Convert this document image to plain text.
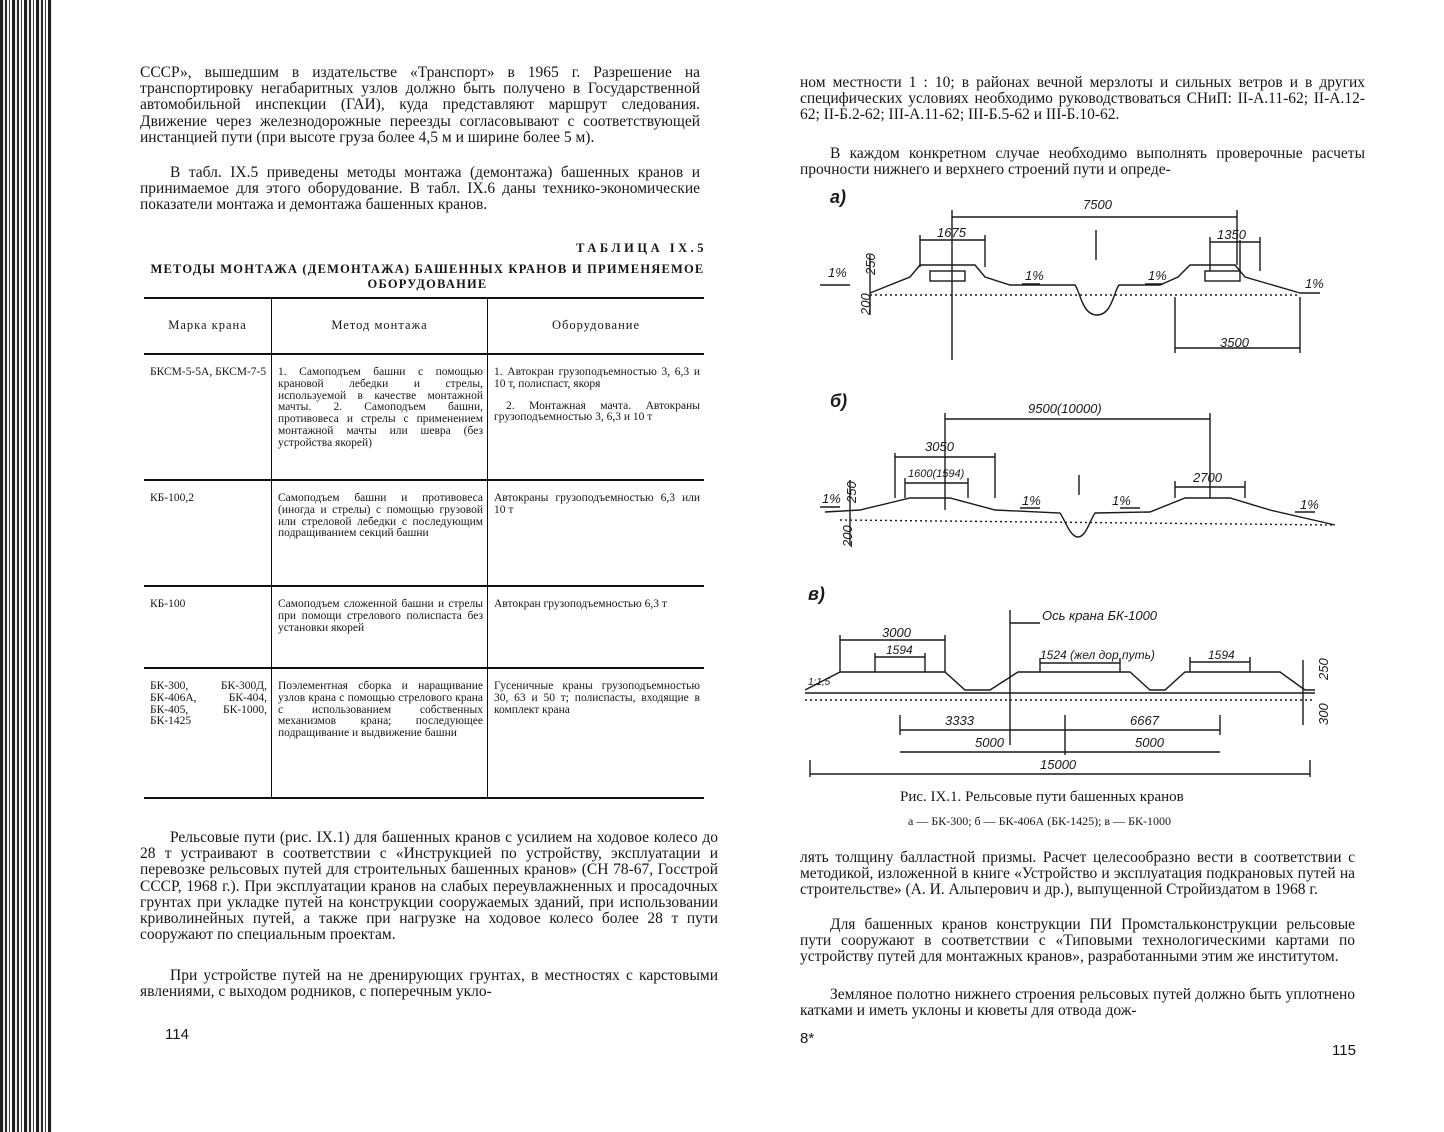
СССР», вышедшим в издательстве «Транспорт» в 1965 г. Разрешение на транспортировку негабаритных узлов должно быть получено в Государственной автомобильной инспекции (ГАИ), куда представляют маршрут следования. Движение через железнодорожные переезды согласовывают с соответствующей инстанцией пути (при высоте груза более 4,5 м и ширине более 5 м).

В табл. IX.5 приведены методы монтажа (демонтажа) башенных кранов и принимаемое для этого оборудование. В табл. IX.6 даны технико-экономические показатели монтажа и демонтажа башенных кранов.

ТАБЛИЦА IX.5
МЕТОДЫ МОНТАЖА (ДЕМОНТАЖА) БАШЕННЫХ КРАНОВ И ПРИМЕНЯЕМОЕ ОБОРУДОВАНИЕ
Марка крана	Метод монтажа	Оборудование
БКСМ-5-5А, БКСМ-7-5	1. Самоподъем башни с помощью крановой лебедки и стрелы, используемой в качестве монтажной мачты. 2. Самоподъем башни, противовеса и стрелы с применением монтажной мачты или шевра (без устройства якорей)	1. Автокран грузоподъемностью 3, 6,3 и 10 т, полиспаст, якоря
2. Монтажная мачта. Автокраны грузоподъемностью 3, 6,3 и 10 т

КБ-100,2	Самоподъем башни и противовеса (иногда и стрелы) с помощью грузовой или стреловой лебедки с последующим подращиванием секций башни	Автокраны грузоподъемностью 6,3 или 10 т
КБ-100	Самоподъем сложенной башни и стрелы при помощи стрелового полиспаста без установки якорей	Автокран грузоподъемностью 6,3 т
БК-300, БК-300Д, БК-406А, БК-404, БК-405, БК-1000, БК-1425	Поэлементная сборка и наращивание узлов крана с помощью стрелового крана с использованием собственных механизмов крана; последующее подращивание и выдвижение башни	Гусеничные краны грузоподъемностью 30, 63 и 50 т; полиспасты, входящие в комплект крана

Рельсовые пути (рис. IX.1) для башенных кранов с усилием на ходовое колесо до 28 т устраивают в соответствии с «Инструкцией по устройству, эксплуатации и перевозке рельсовых путей для строительных башенных кранов» (СН 78-67, Госстрой СССР, 1968 г.). При эксплуатации кранов на слабых переувлажненных и просадочных грунтах при укладке путей на конструкции сооружаемых зданий, при использовании криволинейных путей, а также при нагрузке на ходовое колесо более 28 т пути сооружают по специальным проектам.

При устройстве путей на не дренирующих грунтах, в местностях с карстовыми явлениями, с выходом родников, с поперечным укло-

114

ном местности 1 : 10; в районах вечной мерзлоты и сильных ветров и в других специфических условиях необходимо руководствоваться СНиП: II-А.11-62; II-А.12-62; II-Б.2-62; III-А.11-62; III-Б.5-62 и III-Б.10-62.

В каждом конкретном случае необходимо выполнять проверочные расчеты прочности нижнего и верхнего строений пути и опреде-

лять толщину балластной призмы. Расчет целесообразно вести в соответствии с методикой, изложенной в книге «Устройство и эксплуатация подкрановых путей на строительстве» (А. И. Альперович и др.), выпущенной Стройиздатом в 1968 г.

Для башенных кранов конструкции ПИ Промстальконструкции рельсовые пути сооружают в соответствии с «Типовыми технологическими картами по устройству путей для монтажных кранов», разработанными этим же институтом.

Земляное полотно нижнего строения рельсовых путей должно быть уплотнено катками и иметь уклоны и кюветы для отвода дож-

8*
115
а)	7500
1675	1350
3500
250
200
1%	1%	1%
1%
б)	9500(10000)
3050
1600(1594)	2700
250
200
1%	1%	1%	1%
в)
Ось крана БК-1000
3000
1594	1524 (жел дор путь)	1594
3333	6667
5000	5000
15000
250
300
1:1,5
Рис. IX.1. Рельсовые пути башенных кранов
а — БК-300; б — БК-406А (БК-1425); в — БК-1000
